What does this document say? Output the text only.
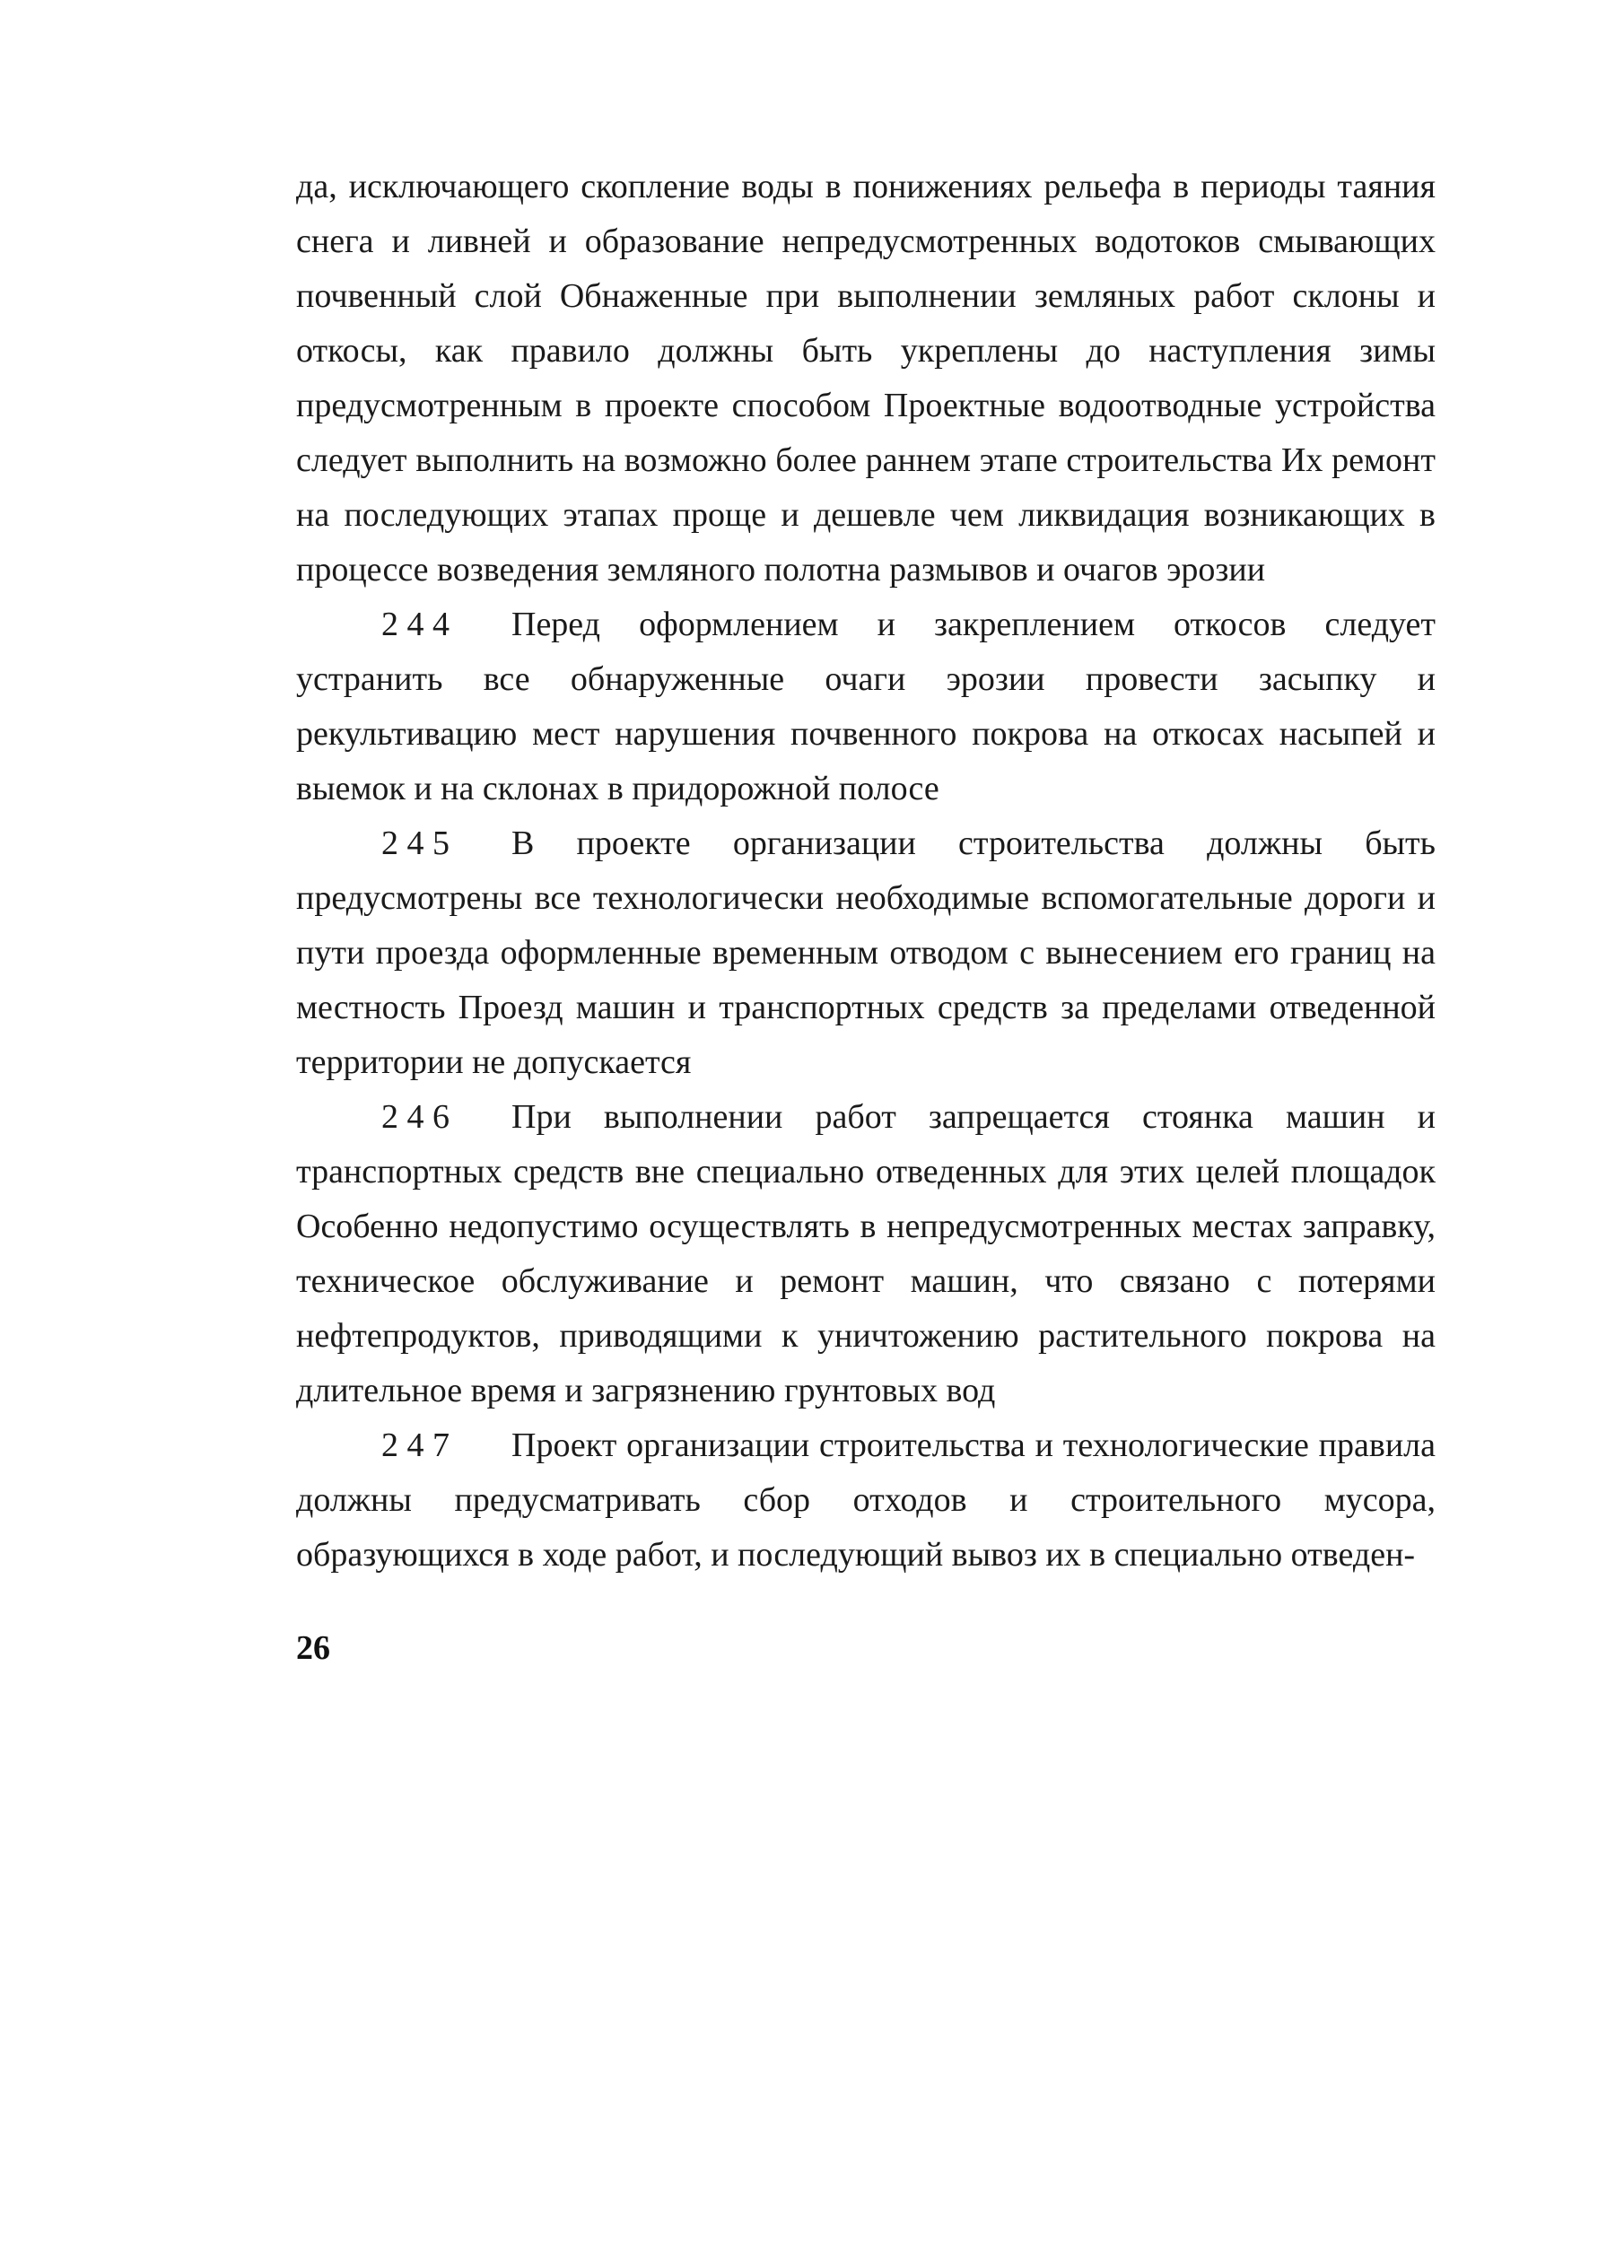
да, исключающего скопление воды в понижениях рельефа в периоды таяния снега и ливней и образование непредусмотренных водотоков смывающих почвенный слой Обнаженные при выполнении земляных работ склоны и откосы, как правило должны быть укреплены до наступления зимы предусмотренным в проекте способом Проектные водоотводные устройства следует выполнить на возможно более раннем этапе строительства Их ремонт на последующих этапах проще и дешевле чем ликвидация возникающих в процессе возведения земляного полотна размывов и очагов эрозии

2 4 4 Перед оформлением и закреплением откосов следует устранить все обнаруженные очаги эрозии провести засыпку и рекультивацию мест нарушения почвенного покрова на откосах насыпей и выемок и на склонах в придорожной полосе

2 4 5 В проекте организации строительства должны быть предусмотрены все технологически необходимые вспомогательные дороги и пути проезда оформленные временным отводом с вынесением его границ на местность Проезд машин и транспортных средств за пределами отведенной территории не допускается

2 4 6 При выполнении работ запрещается стоянка машин и транспортных средств вне специально отведенных для этих целей площадок Особенно недопустимо осуществлять в непредусмотренных местах заправку, техническое обслуживание и ремонт машин, что связано с потерями нефтепродуктов, приводящими к уничтожению растительного покрова на длительное время и загрязнению грунтовых вод

2 4 7 Проект организации строительства и технологические правила должны предусматривать сбор отходов и строительного мусора, образующихся в ходе работ, и последующий вывоз их в специально отведен-

26
